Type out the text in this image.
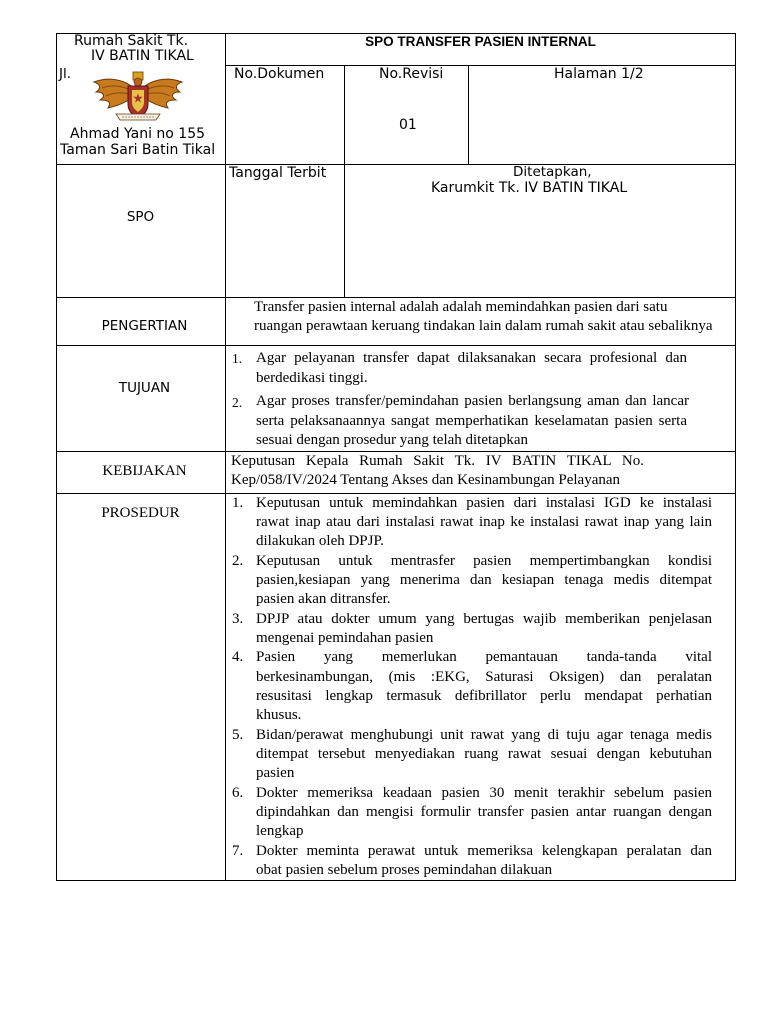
Rumah Sakit Tk.
IV BATIN TIKAL
Jl.
Ahmad Yani no 155
Taman Sari Batin Tikal
SPO TRANSFER PASIEN INTERNAL
No.Dokumen	No.Revisi
01
Halaman 1/2
SPO
Tanggal Terbit	Ditetapkan,
Karumkit Tk. IV BATIN TIKAL
PENGERTIAN
Transfer pasien internal adalah adalah memindahkan pasien dari satu
ruangan perawtaan keruang tindakan lain dalam rumah sakit atau sebaliknya
TUJUAN
1. Agar pelayanan transfer dapat dilaksanakan secara profesional dan
berdedikasi tinggi.
2. Agar proses transfer/pemindahan pasien berlangsung aman dan lancar
serta pelaksanaannya sangat memperhatikan keselamatan pasien serta
sesuai dengan prosedur yang telah ditetapkan
KEBIJAKAN
Keputusan Kepala Rumah Sakit Tk. IV BATIN TIKAL No.
Kep/058/IV/2024 Tentang Akses dan Kesinambungan Pelayanan
PROSEDUR
1. Keputusan untuk memindahkan pasien dari instalasi IGD ke instalasi
rawat inap atau dari instalasi rawat inap ke instalasi rawat inap yang lain
dilakukan oleh DPJP.
2. Keputusan untuk mentrasfer pasien mempertimbangkan kondisi
pasien,kesiapan yang menerima dan kesiapan tenaga medis ditempat
pasien akan ditransfer.
3. DPJP atau dokter umum yang bertugas wajib memberikan penjelasan
mengenai pemindahan pasien
4. Pasien yang memerlukan pemantauan tanda-tanda vital
berkesinambungan, (mis :EKG, Saturasi Oksigen) dan peralatan
resusitasi lengkap termasuk defibrillator perlu mendapat perhatian
khusus.
5. Bidan/perawat menghubungi unit rawat yang di tuju agar tenaga medis
ditempat tersebut menyediakan ruang rawat sesuai dengan kebutuhan
pasien
6. Dokter memeriksa keadaan pasien 30 menit terakhir sebelum pasien
dipindahkan dan mengisi formulir transfer pasien antar ruangan dengan
lengkap
7. Dokter meminta perawat untuk memeriksa kelengkapan peralatan dan
obat pasien sebelum proses pemindahan dilakuan
